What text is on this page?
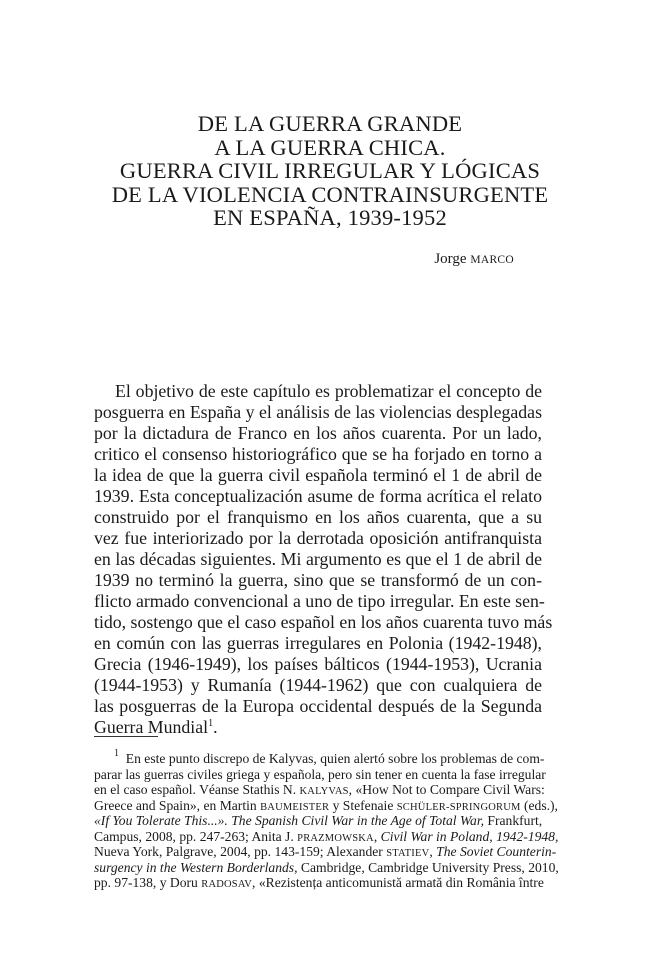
DE LA GUERRA GRANDE
A LA GUERRA CHICA.
GUERRA CIVIL IRREGULAR Y LÓGICAS
DE LA VIOLENCIA CONTRAINSURGENTE
EN ESPAÑA, 1939-1952
Jorge MARCO
El objetivo de este capítulo es problematizar el concepto de
posguerra en España y el análisis de las violencias desplegadas
por la dictadura de Franco en los años cuarenta. Por un lado,
critico el consenso historiográfico que se ha forjado en torno a
la idea de que la guerra civil española terminó el 1 de abril de
1939. Esta conceptualización asume de forma acrítica el relato
construido por el franquismo en los años cuarenta, que a su
vez fue interiorizado por la derrotada oposición antifranquista
en las décadas siguientes. Mi argumento es que el 1 de abril de
1939 no terminó la guerra, sino que se transformó de un con-
flicto armado convencional a uno de tipo irregular. En este sen-
tido, sostengo que el caso español en los años cuarenta tuvo más
en común con las guerras irregulares en Polonia (1942-1948),
Grecia (1946-1949), los países bálticos (1944-1953), Ucrania
(1944-1953) y Rumanía (1944-1962) que con cualquiera de
las posguerras de la Europa occidental después de la Segunda
Guerra Mundial$^1$.
$^1$ En este punto discrepo de Kalyvas, quien alertó sobre los problemas de com-
parar las guerras civiles griega y española, pero sin tener en cuenta la fase irregular
en el caso español. Véanse Stathis N. KALYVAS, «How Not to Compare Civil Wars:
Greece and Spain», en Martin BAUMEISTER y Stefenaie SCHÜLER-SPRINGORUM (eds.),
«If You Tolerate This...». The Spanish Civil War in the Age of Total War, Frankfurt,
Campus, 2008, pp. 247-263; Anita J. PRAZMOWSKA, Civil War in Poland, 1942-1948,
Nueva York, Palgrave, 2004, pp. 143-159; Alexander STATIEV, The Soviet Counterin-
surgency in the Western Borderlands, Cambridge, Cambridge University Press, 2010,
pp. 97-138, y Doru RADOSAV, «Rezistența anticomunistă armată din România între
